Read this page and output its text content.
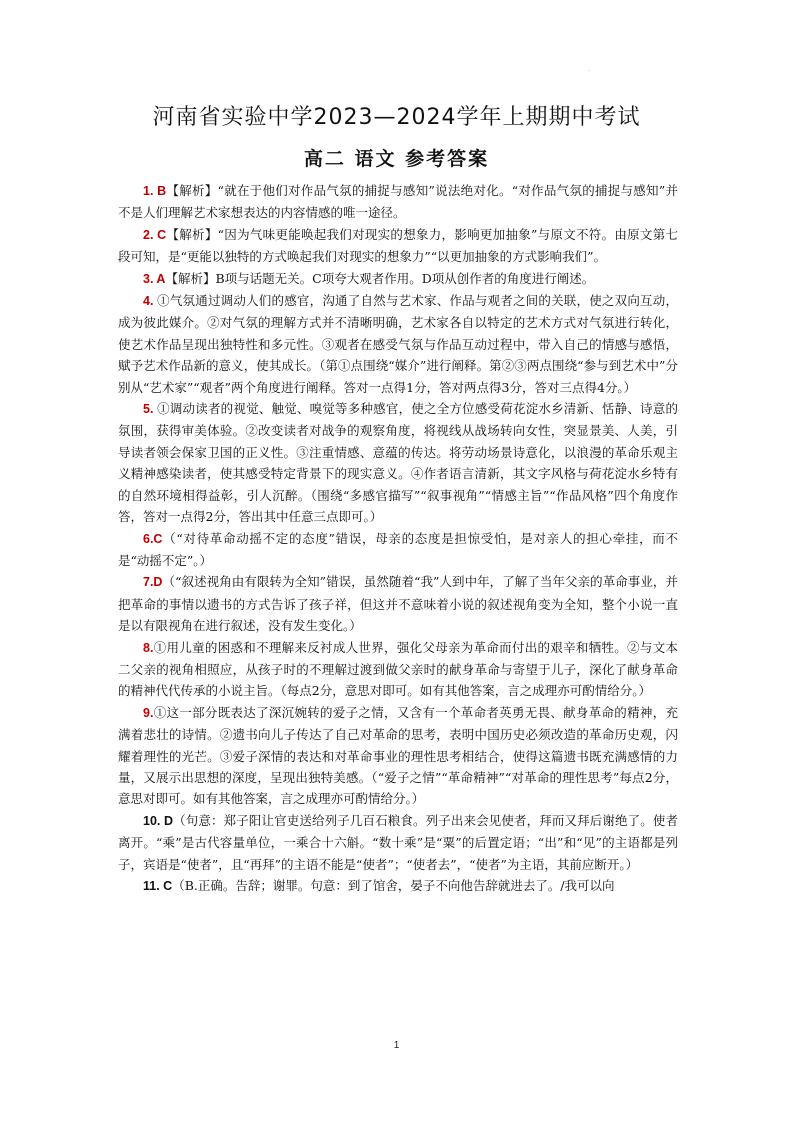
·
河南省实验中学2023—2024学年上期期中考试
高二 语文 参考答案

1. B【解析】“就在于他们对作品气氛的捕捉与感知”说法绝对化。“对作品气氛的捕捉与感知”并不是人们理解艺术家想表达的内容情感的唯一途径。

2. C【解析】“因为气味更能唤起我们对现实的想象力，影响更加抽象”与原文不符。由原文第七段可知，是“更能以独特的方式唤起我们对现实的想象力”“以更加抽象的方式影响我们”。

3. A【解析】B项与话题无关。C项夸大观者作用。D项从创作者的角度进行阐述。

4. ①气氛通过调动人们的感官，沟通了自然与艺术家、作品与观者之间的关联，使之双向互动，成为彼此媒介。②对气氛的理解方式并不清晰明确，艺术家各自以特定的艺术方式对气氛进行转化，使艺术作品呈现出独特性和多元性。③观者在感受气氛与作品互动过程中，带入自己的情感与感悟，赋予艺术作品新的意义，使其成长。（第①点围绕“媒介”进行阐释。第②③两点围绕“参与到艺术中”分别从“艺术家”“观者”两个角度进行阐释。答对一点得1分，答对两点得3分，答对三点得4分。）

5. ①调动读者的视觉、触觉、嗅觉等多种感官，使之全方位感受荷花淀水乡清新、恬静、诗意的氛围，获得审美体验。②改变读者对战争的观察角度，将视线从战场转向女性，突显景美、人美，引导读者领会保家卫国的正义性。③注重情感、意蕴的传达。将劳动场景诗意化，以浪漫的革命乐观主义精神感染读者，使其感受特定背景下的现实意义。④作者语言清新，其文字风格与荷花淀水乡特有的自然环境相得益彰，引人沉醉。（围绕“多感官描写”“叙事视角”“情感主旨”“作品风格”四个角度作答，答对一点得2分，答出其中任意三点即可。）

6.C（“对待革命动摇不定的态度”错误，母亲的态度是担惊受怕，是对亲人的担心牵挂，而不是“动摇不定”。）

7.D（“叙述视角由有限转为全知”错误，虽然随着“我”人到中年，了解了当年父亲的革命事业，并把革命的事情以遗书的方式告诉了孩子祥，但这并不意味着小说的叙述视角变为全知，整个小说一直是以有限视角在进行叙述，没有发生变化。）

8.①用儿童的困惑和不理解来反衬成人世界，强化父母亲为革命而付出的艰辛和牺牲。②与文本二父亲的视角相照应，从孩子时的不理解过渡到做父亲时的献身革命与寄望于儿子，深化了献身革命的精神代代传承的小说主旨。（每点2分，意思对即可。如有其他答案，言之成理亦可酌情给分。）

9.①这一部分既表达了深沉婉转的爱子之情，又含有一个革命者英勇无畏、献身革命的精神，充满着悲壮的诗情。②遗书向儿子传达了自己对革命的思考，表明中国历史必须改造的革命历史观，闪耀着理性的光芒。③爱子深情的表达和对革命事业的理性思考相结合，使得这篇遗书既充满感情的力量，又展示出思想的深度，呈现出独特美感。（“爱子之情”“革命精神”“对革命的理性思考”每点2分，意思对即可。如有其他答案，言之成理亦可酌情给分。）

10. D（句意：郑子阳让官吏送给列子几百石粮食。列子出来会见使者，拜而又拜后谢绝了。使者离开。“乘”是古代容量单位，一乘合十六斛。“数十乘”是“粟”的后置定语；“出”和“见”的主语都是列子，宾语是“使者”，且“再拜”的主语不能是“使者”；“使者去”，“使者”为主语，其前应断开。）

11. C（B.正确。告辞；谢罪。句意：到了馆舍，晏子不向他告辞就进去了。/我可以向

1
